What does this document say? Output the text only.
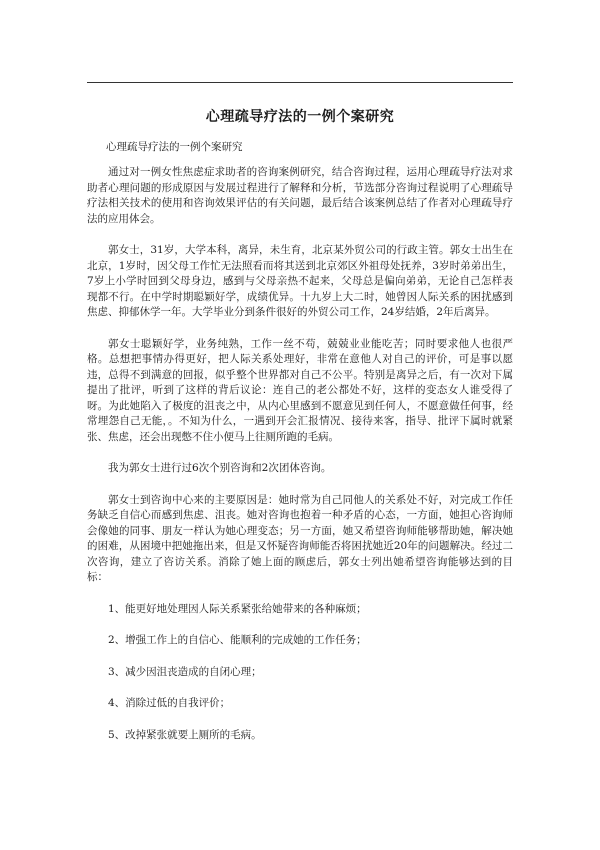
心理疏导疗法的一例个案研究
心理疏导疗法的一例个案研究

通过对一例女性焦虑症求助者的咨询案例研究，结合咨询过程，运用心理疏导疗法对求助者心理问题的形成原因与发展过程进行了解释和分析，节选部分咨询过程说明了心理疏导疗法相关技术的使用和咨询效果评估的有关问题，最后结合该案例总结了作者对心理疏导疗法的应用体会。

郭女士，31岁，大学本科，离异，未生育，北京某外贸公司的行政主管。郭女士出生在北京，1岁时，因父母工作忙无法照看而将其送到北京郊区外祖母处抚养，3岁时弟弟出生，7岁上小学时回到父母身边，感到与父母亲热不起来，父母总是偏向弟弟，无论自己怎样表现都不行。在中学时期聪颖好学，成绩优异。十九岁上大二时，她曾因人际关系的困扰感到焦虑、抑郁休学一年。大学毕业分到条件很好的外贸公司工作，24岁结婚，2年后离异。

郭女士聪颖好学，业务纯熟，工作一丝不苟，兢兢业业能吃苦；同时要求他人也很严格。总想把事情办得更好，把人际关系处理好，非常在意他人对自己的评价，可是事以愿违，总得不到满意的回报，似乎整个世界都对自己不公平。特别是离异之后，有一次对下属提出了批评，听到了这样的背后议论：连自己的老公都处不好，这样的变态女人谁受得了呀。为此她陷入了极度的沮丧之中，从内心里感到不愿意见到任何人，不愿意做任何事，经常埋怨自己无能，。不知为什么，一遇到开会汇报情况、接待来客，指导、批评下属时就紧张、焦虑，还会出现憋不住小便马上往厕所跑的毛病。

我为郭女士进行过6次个别咨询和2次团体咨询。

郭女士到咨询中心来的主要原因是：她时常为自己同他人的关系处不好，对完成工作任务缺乏自信心而感到焦虑、沮丧。她对咨询也抱着一种矛盾的心态，一方面，她担心咨询师会像她的同事、朋友一样认为她心理变态；另一方面，她又希望咨询师能够帮助她，解决她的困难，从困境中把她拖出来，但是又怀疑咨询师能否将困扰她近20年的问题解决。经过二次咨询，建立了咨访关系。消除了她上面的顾虑后，郭女士列出她希望咨询能够达到的目标：

1、能更好地处理因人际关系紧张给她带来的各种麻烦；

2、增强工作上的自信心、能顺利的完成她的工作任务；

3、减少因沮丧造成的自闭心理；

4、消除过低的自我评价；

5、改掉紧张就要上厕所的毛病。
